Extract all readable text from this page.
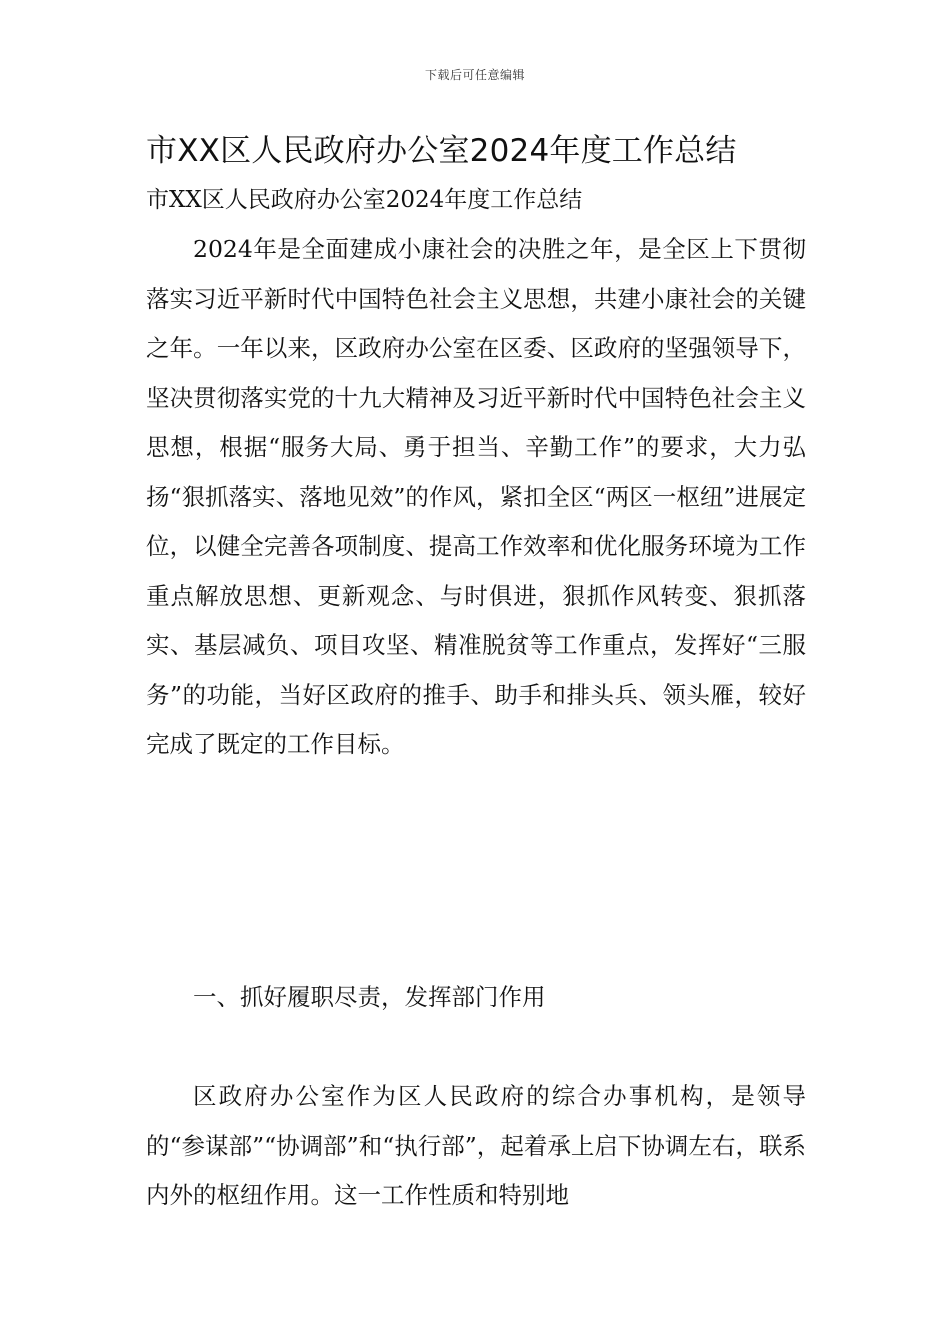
下载后可任意编辑
市XX区人民政府办公室2024年度工作总结
市XX区人民政府办公室2024年度工作总结

2024年是全面建成小康社会的决胜之年，是全区上下贯彻落实习近平新时代中国特色社会主义思想，共建小康社会的关键之年。一年以来，区政府办公室在区委、区政府的坚强领导下，坚决贯彻落实党的十九大精神及习近平新时代中国特色社会主义思想，根据“服务大局、勇于担当、辛勤工作”的要求，大力弘扬“狠抓落实、落地见效”的作风，紧扣全区“两区一枢纽”进展定位，以健全完善各项制度、提高工作效率和优化服务环境为工作重点解放思想、更新观念、与时俱进，狠抓作风转变、狠抓落实、基层减负、项目攻坚、精准脱贫等工作重点，发挥好“三服务”的功能，当好区政府的推手、助手和排头兵、领头雁，较好完成了既定的工作目标。

一、抓好履职尽责，发挥部门作用

区政府办公室作为区人民政府的综合办事机构，是领导的“参谋部”“协调部”和“执行部”，起着承上启下协调左右，联系内外的枢纽作用。这一工作性质和特别地
